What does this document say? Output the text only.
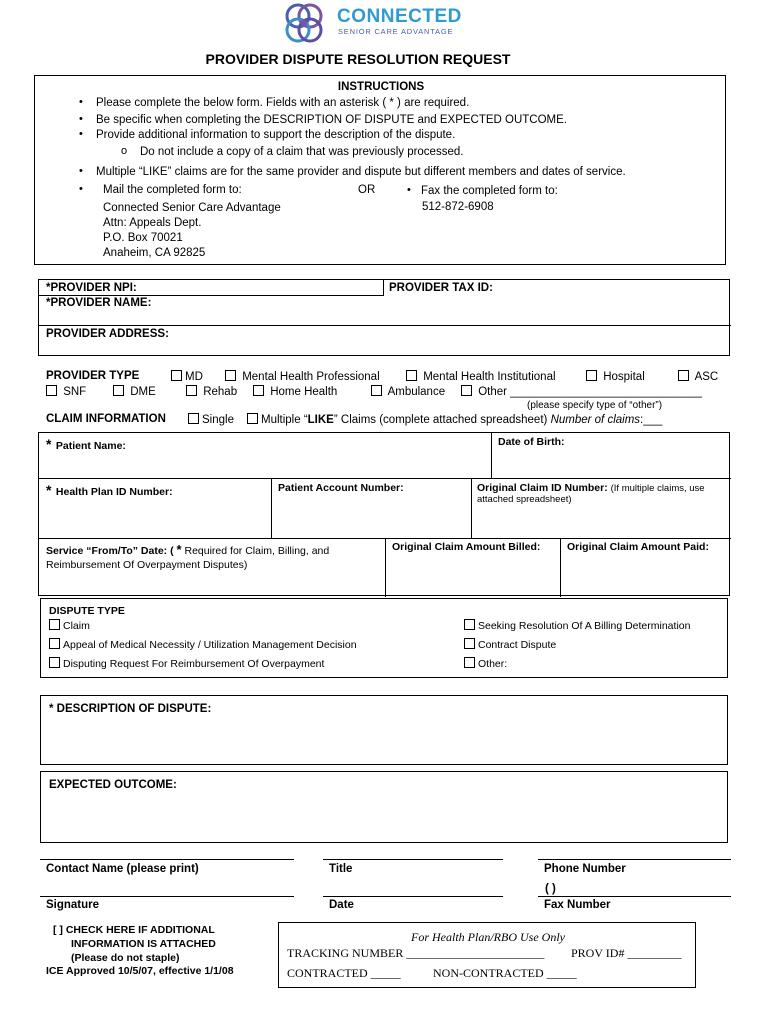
CONNECTED
SENIOR CARE ADVANTAGE
PROVIDER DISPUTE RESOLUTION REQUEST
INSTRUCTIONS
• Please complete the below form. Fields with an asterisk ( * ) are required.
• Be specific when completing the DESCRIPTION OF DISPUTE and EXPECTED OUTCOME.
• Provide additional information to support the description of the dispute.
o Do not include a copy of a claim that was previously processed.
• Multiple “LIKE” claims are for the same provider and dispute but different members and dates of service.
• Mail the completed form to:	OR	• Fax the completed form to:
512-872-6908
Connected Senior Care Advantage
Attn: Appeals Dept.
P.O. Box 70021
Anaheim, CA 92825
*PROVIDER NPI:	PROVIDER TAX ID:
*PROVIDER NAME:
PROVIDER ADDRESS:
PROVIDER TYPE	MD	Mental Health Professional	Mental Health Institutional	Hospital	ASC
SNF	DME	Rehab	Home Health	Ambulance	Other ______________________________
(please specify type of “other”)
CLAIM INFORMATION	Single	Multiple “LIKE” Claims (complete attached spreadsheet) Number of claims:___
* Patient Name:	Date of Birth:
* Health Plan ID Number:	Patient Account Number:	Original Claim ID Number: (If multiple claims, use
attached spreadsheet)
Service “From/To” Date: ( * Required for Claim, Billing, and
Reimbursement Of Overpayment Disputes)
Original Claim Amount Billed:	Original Claim Amount Paid:
DISPUTE TYPE
Claim
Appeal of Medical Necessity / Utilization Management Decision
Disputing Request For Reimbursement Of Overpayment
Seeking Resolution Of A Billing Determination
Contract Dispute
Other:
* DESCRIPTION OF DISPUTE:
EXPECTED OUTCOME:
Contact Name (please print)	Title	Phone Number
( )
Signature	Date	Fax Number
[ ] CHECK HERE IF ADDITIONAL
INFORMATION IS ATTACHED
(Please do not staple)
ICE Approved 10/5/07, effective 1/1/08
For Health Plan/RBO Use Only
TRACKING NUMBER _______________________ PROV ID# _________
CONTRACTED _____	NON-CONTRACTED _____
